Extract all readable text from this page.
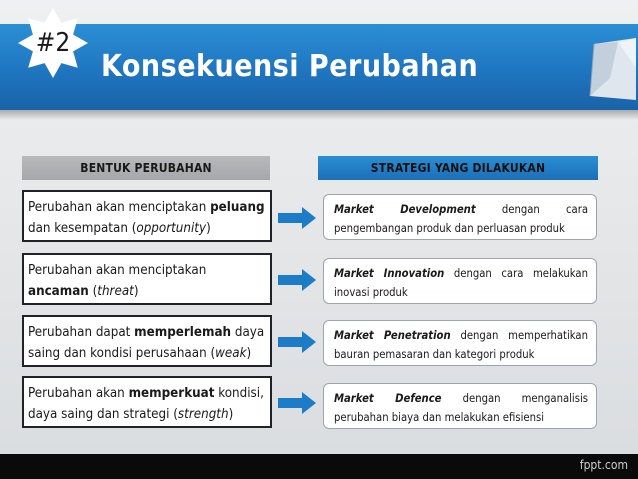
#2
Konsekuensi Perubahan
BENTUK PERUBAHAN	STRATEGI YANG DILAKUKAN
Perubahan akan menciptakan peluang
dan kesempatan (opportunity)
Market Development dengan cara pengembangan produk dan perluasan produk
Perubahan akan menciptakan
ancaman (threat)
Market Innovation dengan cara melakukan inovasi produk
Perubahan dapat memperlemah daya
saing dan kondisi perusahaan (weak)
Market Penetration dengan memperhatikan bauran pemasaran dan kategori produk
Perubahan akan memperkuat kondisi,
daya saing dan strategi (strength)
Market Defence dengan menganalisis perubahan biaya dan melakukan efisiensi
fppt.com
